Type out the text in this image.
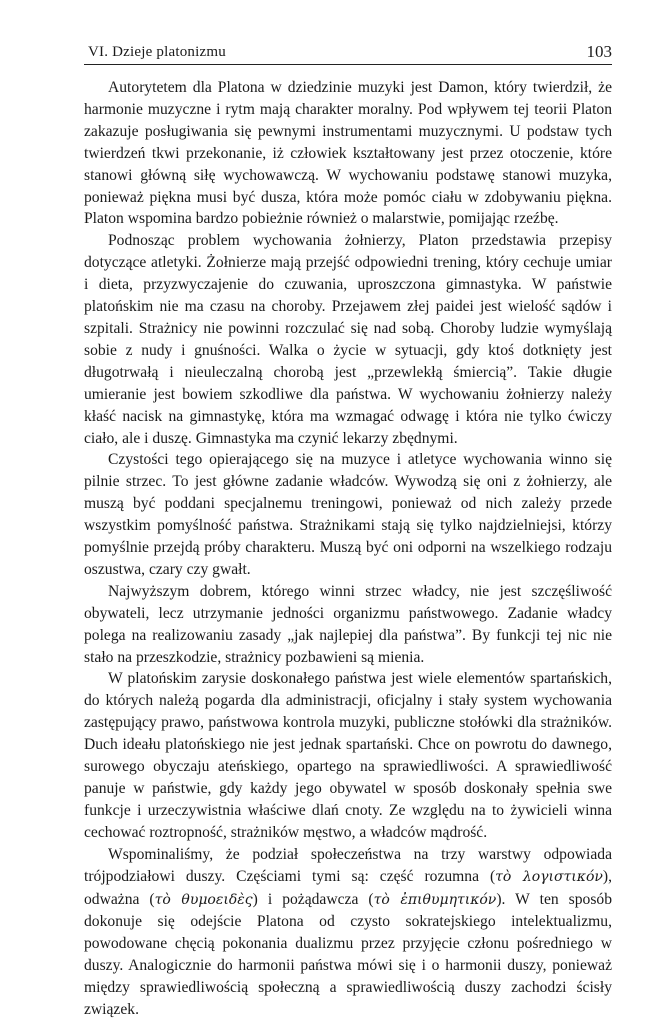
VI. Dzieje platonizmu	103

Autorytetem dla Platona w dziedzinie muzyki jest Damon, który twierdził, że harmonie muzyczne i rytm mają charakter moralny. Pod wpływem tej teorii Platon zakazuje posługiwania się pewnymi instrumentami muzycznymi. U podstaw tych twierdzeń tkwi przekonanie, iż człowiek kształtowany jest przez otoczenie, które stanowi główną siłę wychowawczą. W wychowaniu podstawę stanowi muzyka, ponieważ piękna musi być dusza, która może pomóc ciału w zdobywaniu piękna. Platon wspomina bardzo pobieżnie również o malarstwie, pomijając rzeźbę.

Podnosząc problem wychowania żołnierzy, Platon przedstawia przepisy dotyczące atletyki. Żołnierze mają przejść odpowiedni trening, który cechuje umiar i dieta, przyzwyczajenie do czuwania, uproszczona gimnastyka. W państwie platońskim nie ma czasu na choroby. Przejawem złej paidei jest wielość sądów i szpitali. Strażnicy nie powinni rozczulać się nad sobą. Choroby ludzie wymyślają sobie z nudy i gnuśności. Walka o życie w sytuacji, gdy ktoś dotknięty jest długotrwałą i nieuleczalną chorobą jest „przewlekłą śmiercią”. Takie długie umieranie jest bowiem szkodliwe dla państwa. W wychowaniu żołnierzy należy kłaść nacisk na gimnastykę, która ma wzmagać odwagę i która nie tylko ćwiczy ciało, ale i duszę. Gimnastyka ma czynić lekarzy zbędnymi.

Czystości tego opierającego się na muzyce i atletyce wychowania winno się pilnie strzec. To jest główne zadanie władców. Wywodzą się oni z żołnierzy, ale muszą być poddani specjalnemu treningowi, ponieważ od nich zależy przede wszystkim pomyślność państwa. Strażnikami stają się tylko najdzielniejsi, którzy pomyślnie przejdą próby charakteru. Muszą być oni odporni na wszelkiego rodzaju oszustwa, czary czy gwałt.

Najwyższym dobrem, którego winni strzec władcy, nie jest szczęśliwość obywateli, lecz utrzymanie jedności organizmu państwowego. Zadanie władcy polega na realizowaniu zasady „jak najlepiej dla państwa”. By funkcji tej nic nie stało na przeszkodzie, strażnicy pozbawieni są mienia.

W platońskim zarysie doskonałego państwa jest wiele elementów spartańskich, do których należą pogarda dla administracji, oficjalny i stały system wychowania zastępujący prawo, państwowa kontrola muzyki, publiczne stołówki dla strażników. Duch ideału platońskiego nie jest jednak spartański. Chce on powrotu do dawnego, surowego obyczaju ateńskiego, opartego na sprawiedliwości. A sprawiedliwość panuje w państwie, gdy każdy jego obywatel w sposób doskonały spełnia swe funkcje i urzeczywistnia właściwe dlań cnoty. Ze względu na to żywicieli winna cechować roztropność, strażników męstwo, a władców mądrość.

Wspominaliśmy, że podział społeczeństwa na trzy warstwy odpowiada trójpodziałowi duszy. Częściami tymi są: część rozumna (τὸ λογιστικόν), odważna (τὸ θυμοειδὲς) i pożądawcza (τὸ ἐπιθυμητικόν). W ten sposób dokonuje się odejście Platona od czysto sokratejskiego intelektualizmu, powodowane chęcią pokonania dualizmu przez przyjęcie członu pośredniego w duszy. Analogicznie do harmonii państwa mówi się i o harmonii duszy, ponieważ między sprawiedliwością społeczną a sprawiedliwością duszy zachodzi ścisły związek.
